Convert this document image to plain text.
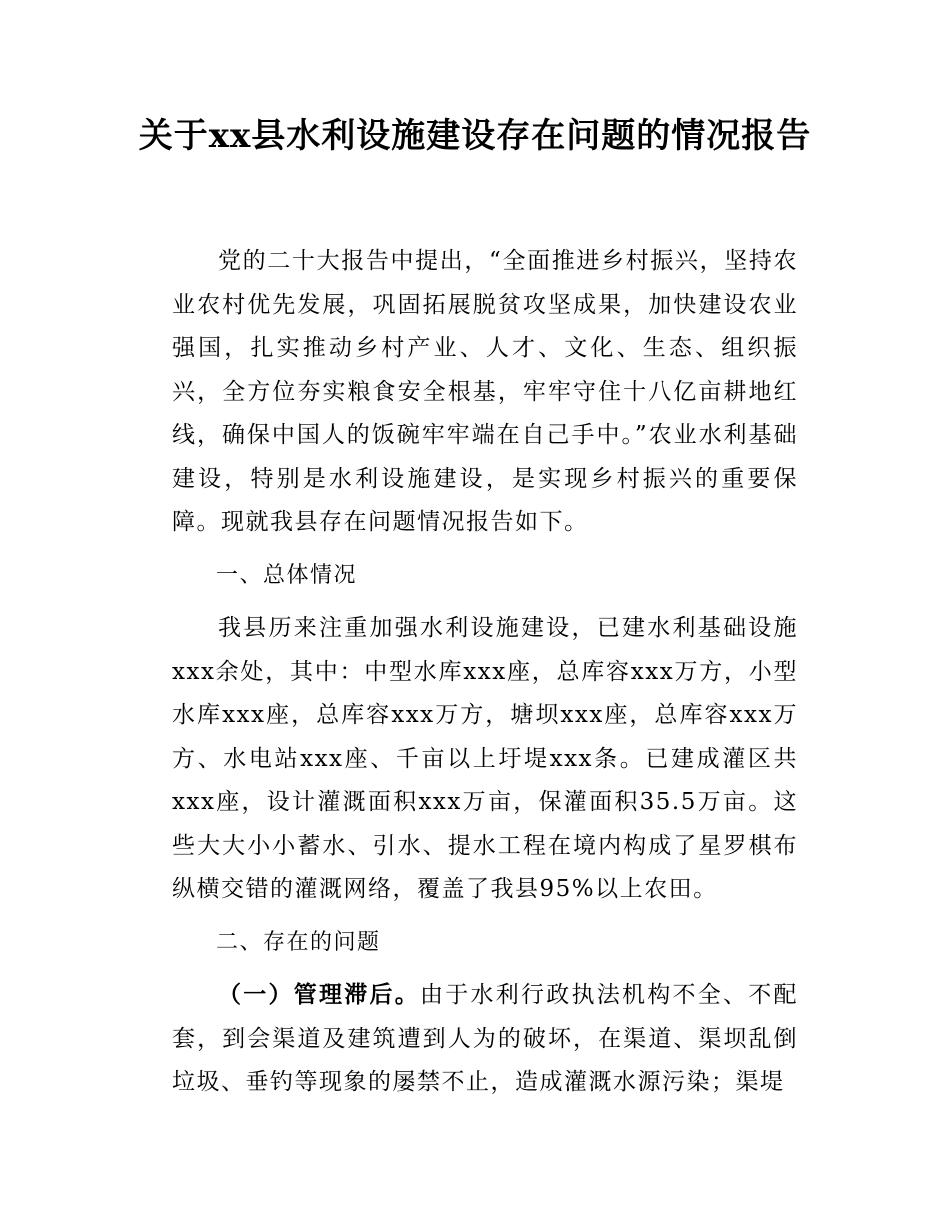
关于xx县水利设施建设存在问题的情况报告

党的二十大报告中提出，“全面推进乡村振兴，坚持农业农村优先发展，巩固拓展脱贫攻坚成果，加快建设农业强国，扎实推动乡村产业、人才、文化、生态、组织振兴，全方位夯实粮食安全根基，牢牢守住十八亿亩耕地红线，确保中国人的饭碗牢牢端在自己手中。”农业水利基础建设，特别是水利设施建设，是实现乡村振兴的重要保障。现就我县存在问题情况报告如下。

一、总体情况

我县历来注重加强水利设施建设，已建水利基础设施xxx余处，其中：中型水库xxx座，总库容xxx万方，小型水库xxx座，总库容xxx万方，塘坝xxx座，总库容xxx万方、水电站xxx座、千亩以上圩堤xxx条。已建成灌区共xxx座，设计灌溉面积xxx万亩，保灌面积35.5万亩。这些大大小小蓄水、引水、提水工程在境内构成了星罗棋布纵横交错的灌溉网络，覆盖了我县95%以上农田。

二、存在的问题

（一）管理滞后。由于水利行政执法机构不全、不配套，到会渠道及建筑遭到人为的破坏，在渠道、渠坝乱倒垃圾、垂钓等现象的屡禁不止，造成灌溉水源污染；渠堤
